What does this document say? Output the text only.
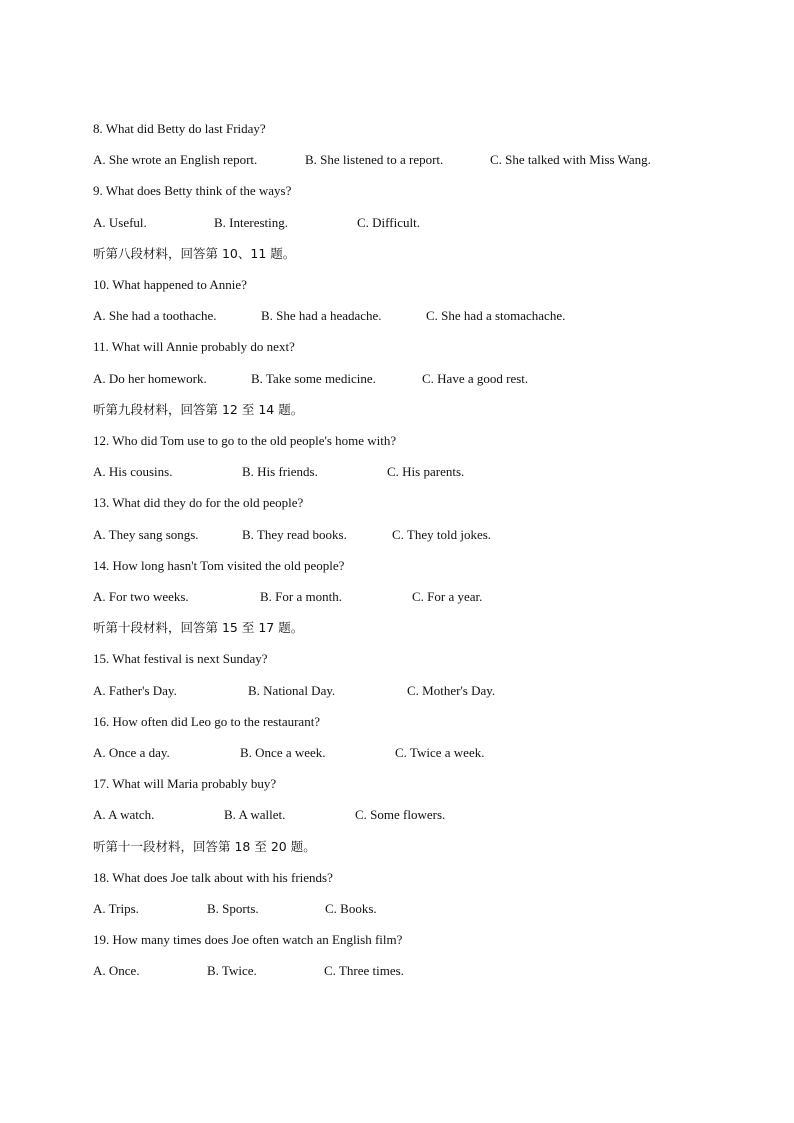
8. What did Betty do last Friday?
A. She wrote an English report.	B. She listened to a report.	C. She talked with Miss Wang.
9. What does Betty think of the ways?
A. Useful.	B. Interesting.	C. Difficult.
听第八段材料，回答第 10、11 题。
10. What happened to Annie?
A. She had a toothache.	B. She had a headache.	C. She had a stomachache.
11. What will Annie probably do next?
A. Do her homework.	B. Take some medicine.	C. Have a good rest.
听第九段材料，回答第 12 至 14 题。
12. Who did Tom use to go to the old people's home with?
A. His cousins.	B. His friends.	C. His parents.
13. What did they do for the old people?
A. They sang songs.	B. They read books.	C. They told jokes.
14. How long hasn't Tom visited the old people?
A. For two weeks.	B. For a month.	C. For a year.
听第十段材料，回答第 15 至 17 题。
15. What festival is next Sunday?
A. Father's Day.	B. National Day.	C. Mother's Day.
16. How often did Leo go to the restaurant?
A. Once a day.	B. Once a week.	C. Twice a week.
17. What will Maria probably buy?
A. A watch.	B. A wallet.	C. Some flowers.
听第十一段材料，回答第 18 至 20 题。
18. What does Joe talk about with his friends?
A. Trips.	B. Sports.	C. Books.
19. How many times does Joe often watch an English film?
A. Once.	B. Twice.	C. Three times.
